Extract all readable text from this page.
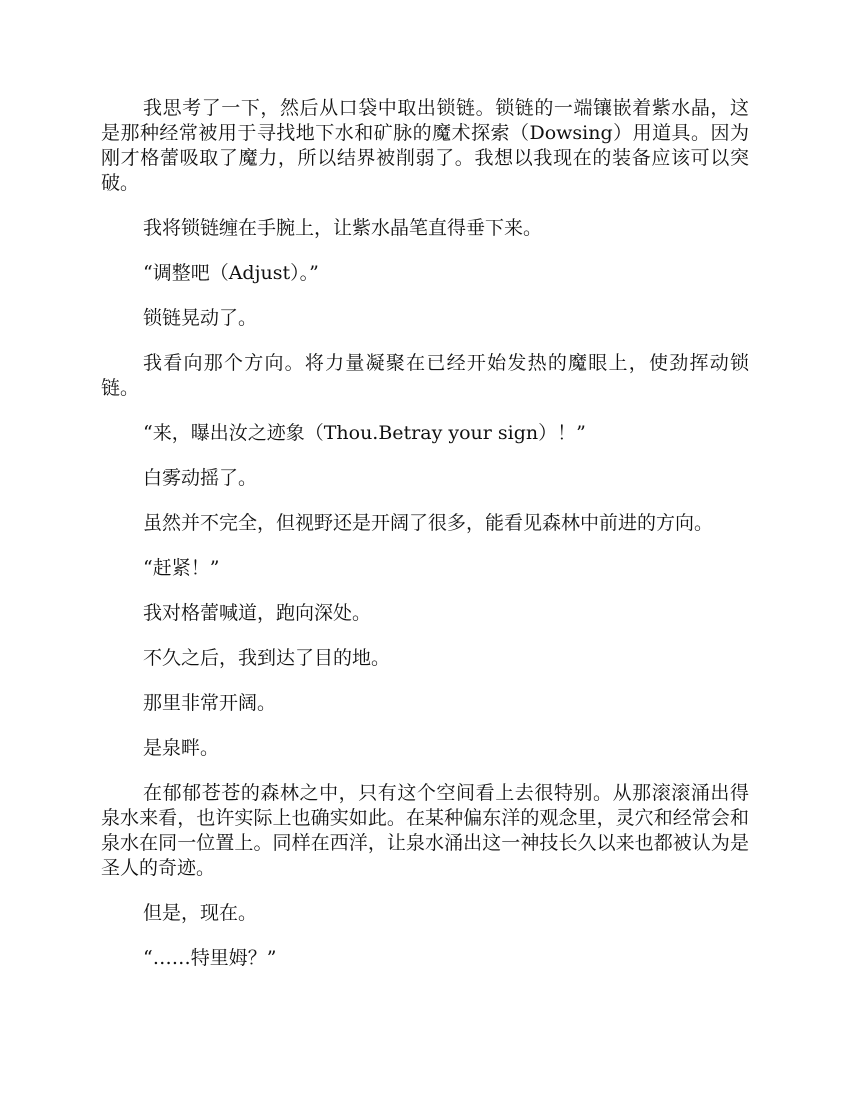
我思考了一下，然后从口袋中取出锁链。锁链的一端镶嵌着紫水晶，这是那种经常被用于寻找地下水和矿脉的魔术探索（Dowsing）用道具。因为刚才格蕾吸取了魔力，所以结界被削弱了。我想以我现在的装备应该可以突破。

我将锁链缠在手腕上，让紫水晶笔直得垂下来。

“调整吧（Adjust）。”

锁链晃动了。

我看向那个方向。将力量凝聚在已经开始发热的魔眼上，使劲挥动锁链。

“来，曝出汝之迹象（Thou.Betray your sign）！”

白雾动摇了。

虽然并不完全，但视野还是开阔了很多，能看见森林中前进的方向。

“赶紧！”

我对格蕾喊道，跑向深处。

不久之后，我到达了目的地。

那里非常开阔。

是泉畔。

在郁郁苍苍的森林之中，只有这个空间看上去很特别。从那滚滚涌出得泉水来看，也许实际上也确实如此。在某种偏东洋的观念里，灵穴和经常会和泉水在同一位置上。同样在西洋，让泉水涌出这一神技长久以来也都被认为是圣人的奇迹。

但是，现在。

“……特里姆？”
